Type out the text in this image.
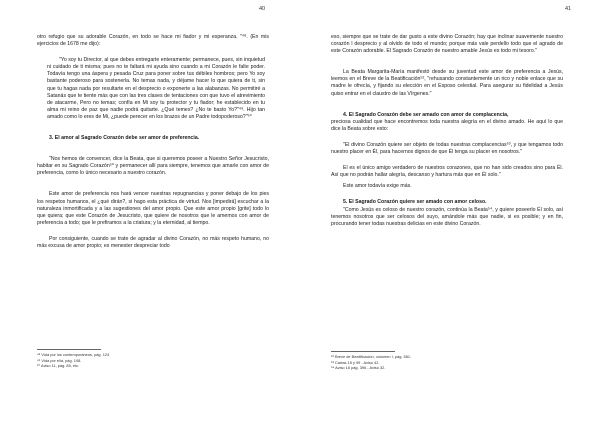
40

otro refugio que su adorable Corazón, en todo se hace mi fiador y mi esperanza. "⁴⁸. (En mis ejercicios de 1678 me dijo):

"Yo soy tu Director, al que debes entregarte enteramente; permanece, pues, sin inquietud ni cuidado de ti misma; pues no te faltará mi ayuda sino cuando a mi Corazón le falte poder. Todavía tengo una áspera y pesada Cruz para poner sobre tus débiles hombros; pero Yo soy bastante poderoso para sostenerla. No temas nada, y déjame hacer lo que quiera de ti, sin que tu hagas nada por resultarte en el desprecio o exponerte a las alabanzas. No permitiré a Satanás que te tiente más que con las tres clases de tentaciones con que tuvo el atrevimiento de atacarme, Pero no temas; confía en Mi soy tu protector y tu fiador; he establecido en tu alma mi reino de paz que nadie podrá quitarte. ¿Qué temes? ¿No te basto Yo?"⁴⁹. Hijo tan amado como lo eres de Mi, ¿puede perecer en los brazos de un Padre todopoderoso?"⁵⁰

3. El amor al Sagrado Corazón debe ser amor de preferencia.

"Nos hemos de convencer, dice la Beata, que si queremos poseer a Nuestro Señor Jesucristo, habitar en su Sagrado Corazón⁵⁰ y permanecer allí para siempre, tenemos que amarle con amor de preferencia, como lo único necesario a nuestro corazón.

Este amor de preferencia nos hará vencer nuestras repugnancias y poner debajo de los pies los respetos humanos, el ¿qué dirán?, si hago esta práctica de virtud. Nos [impedirá] escuchar a la naturaleza inmortificada y a las sugestiones del amor propio. Que este amor propio [grite] todo lo que quiera; que este Corazón de Jesucristo, que quiere de nosotros que le amemos con amor de preferencia a todo; que le prefiramos a la criatura; y la eternidad, al tiempo.

Por consiguiente, cuando se trate de agradar al divino Corazón, no más respeto humano, no más excusa de amor propio; es menester despreciar todo

⁴⁸ Vida por los contemporáneos, pág. 124
⁴⁹ Vida por ella, pág. 108.
⁵⁰ Aviso 11, pág. 85, etc.
41

eso, siempre que se trate de dar gusto a este divino Corazón; hay que inclinar suavemente nuestro corazón l desprecio y al olvido de todo el mundo; porque más vale perdello todo que el agrado de este Corazón adorable. El Sagrado Corazón de nuestro amable Jesús es todo mi tesoro."

La Beata Margarita-María manifestó desde su juventud este amor de preferencia a Jesús, leemos en el Breve de la Beatificación⁵², "rehusando constantemente un rico y noble enlace que su madre le ofrecía, y fijando su elección en el Esposo celestial. Para asegurar su fidelidad a Jesús quiso entrar en el claustro de las Vírgenes."

4. El Sagrado Corazón debe ser amado con amor de complacencia,

preciosa cualidad que hace encontremos toda nuestra alegría en el divino amado. He aquí lo que dice la Beata sobre esto:

"El divino Corazón quiere ser objeto de todas nuestras complacencias⁵³, y que tengamos todo nuestro placer en Él, para hacernos dignos de que Él tenga su placer en nosotros."

El es el único amigo verdadero de nuestros corazones, que no han sido creados sino para Él. Así que no podrán hallar alegría, descanso y hartura más que en Él solo."

Este amor todavía exige más.

5. El Sagrado Corazón quiere ser amado con amor celoso.

"Como Jesús es celoso de nuestro corazón, continúa la Beata⁵⁴, y quiere poseerlo Él solo, así tenemos nosotros que ser celosos del suyo, amándole más que nadie, si es posible; y en fin, procurando tener todas nuestras delicias en este divino Corazón.

⁵² Breve de Beatificación, volumen I, pág. 581.
⁵³ Cartas 15 y 99 - Aviso 42.
⁵⁴ Aviso 16 pág. 396 - Aviso 32.
